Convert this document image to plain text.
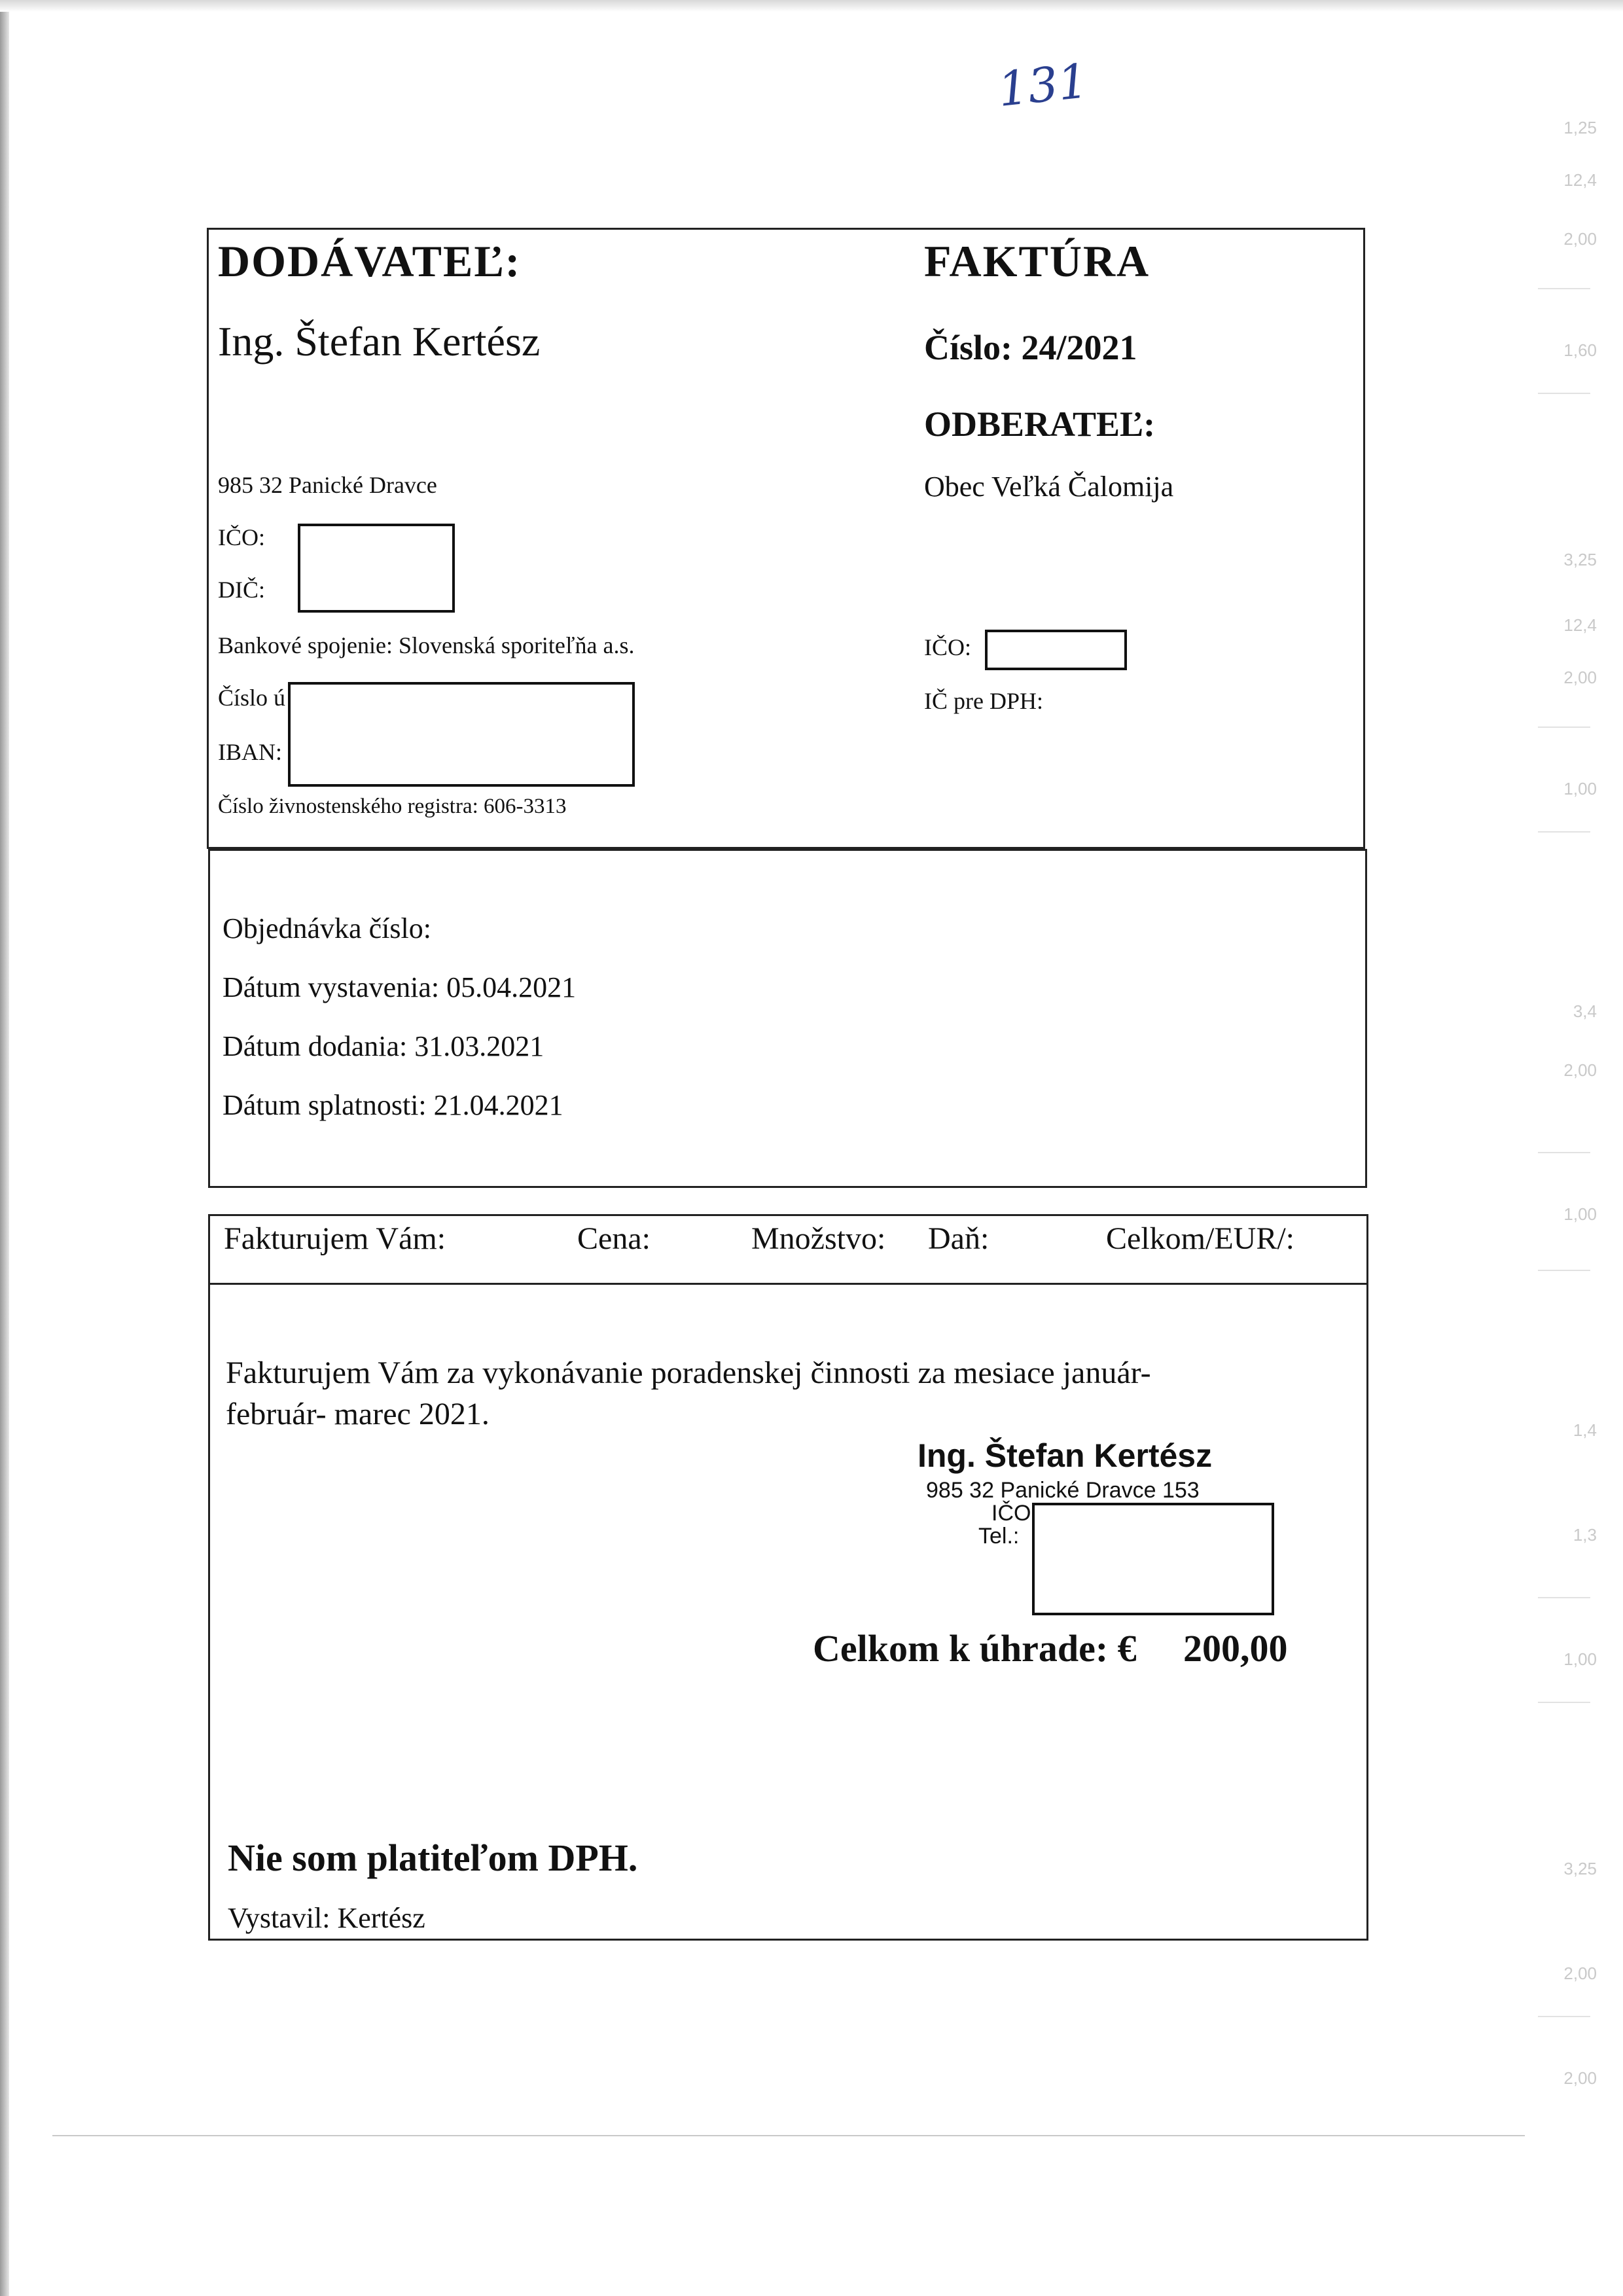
131
1,25
12,4
2,00
1,60
3,25
12,4
2,00
1,00
3,4
2,00
1,00
1,4
1,3
1,00
3,25
2,00
2,00
DODÁVATEĽ:
Ing. Štefan Kertész
985 32 Panické Dravce
IČO:
DIČ:
Bankové spojenie: Slovenská sporiteľňa a.s.
Číslo ú
IBAN:
Číslo živnostenského registra: 606-3313
FAKTÚRA
Číslo: 24/2021
ODBERATEĽ:
Obec Veľká Čalomija
IČO:
IČ pre DPH:
Objednávka číslo:
Dátum vystavenia: 05.04.2021
Dátum dodania: 31.03.2021
Dátum splatnosti: 21.04.2021
Fakturujem Vám:	Cena:	Množstvo: Daň:	Celkom/EUR/:
Fakturujem Vám za vykonávanie poradenskej činnosti za mesiace január-
február- marec 2021.
Ing. Štefan Kertész
985 32 Panické Dravce 153
IČO
Tel.:
Celkom k úhrade: € 200,00
Nie som platiteľom DPH.
Vystavil: Kertész
